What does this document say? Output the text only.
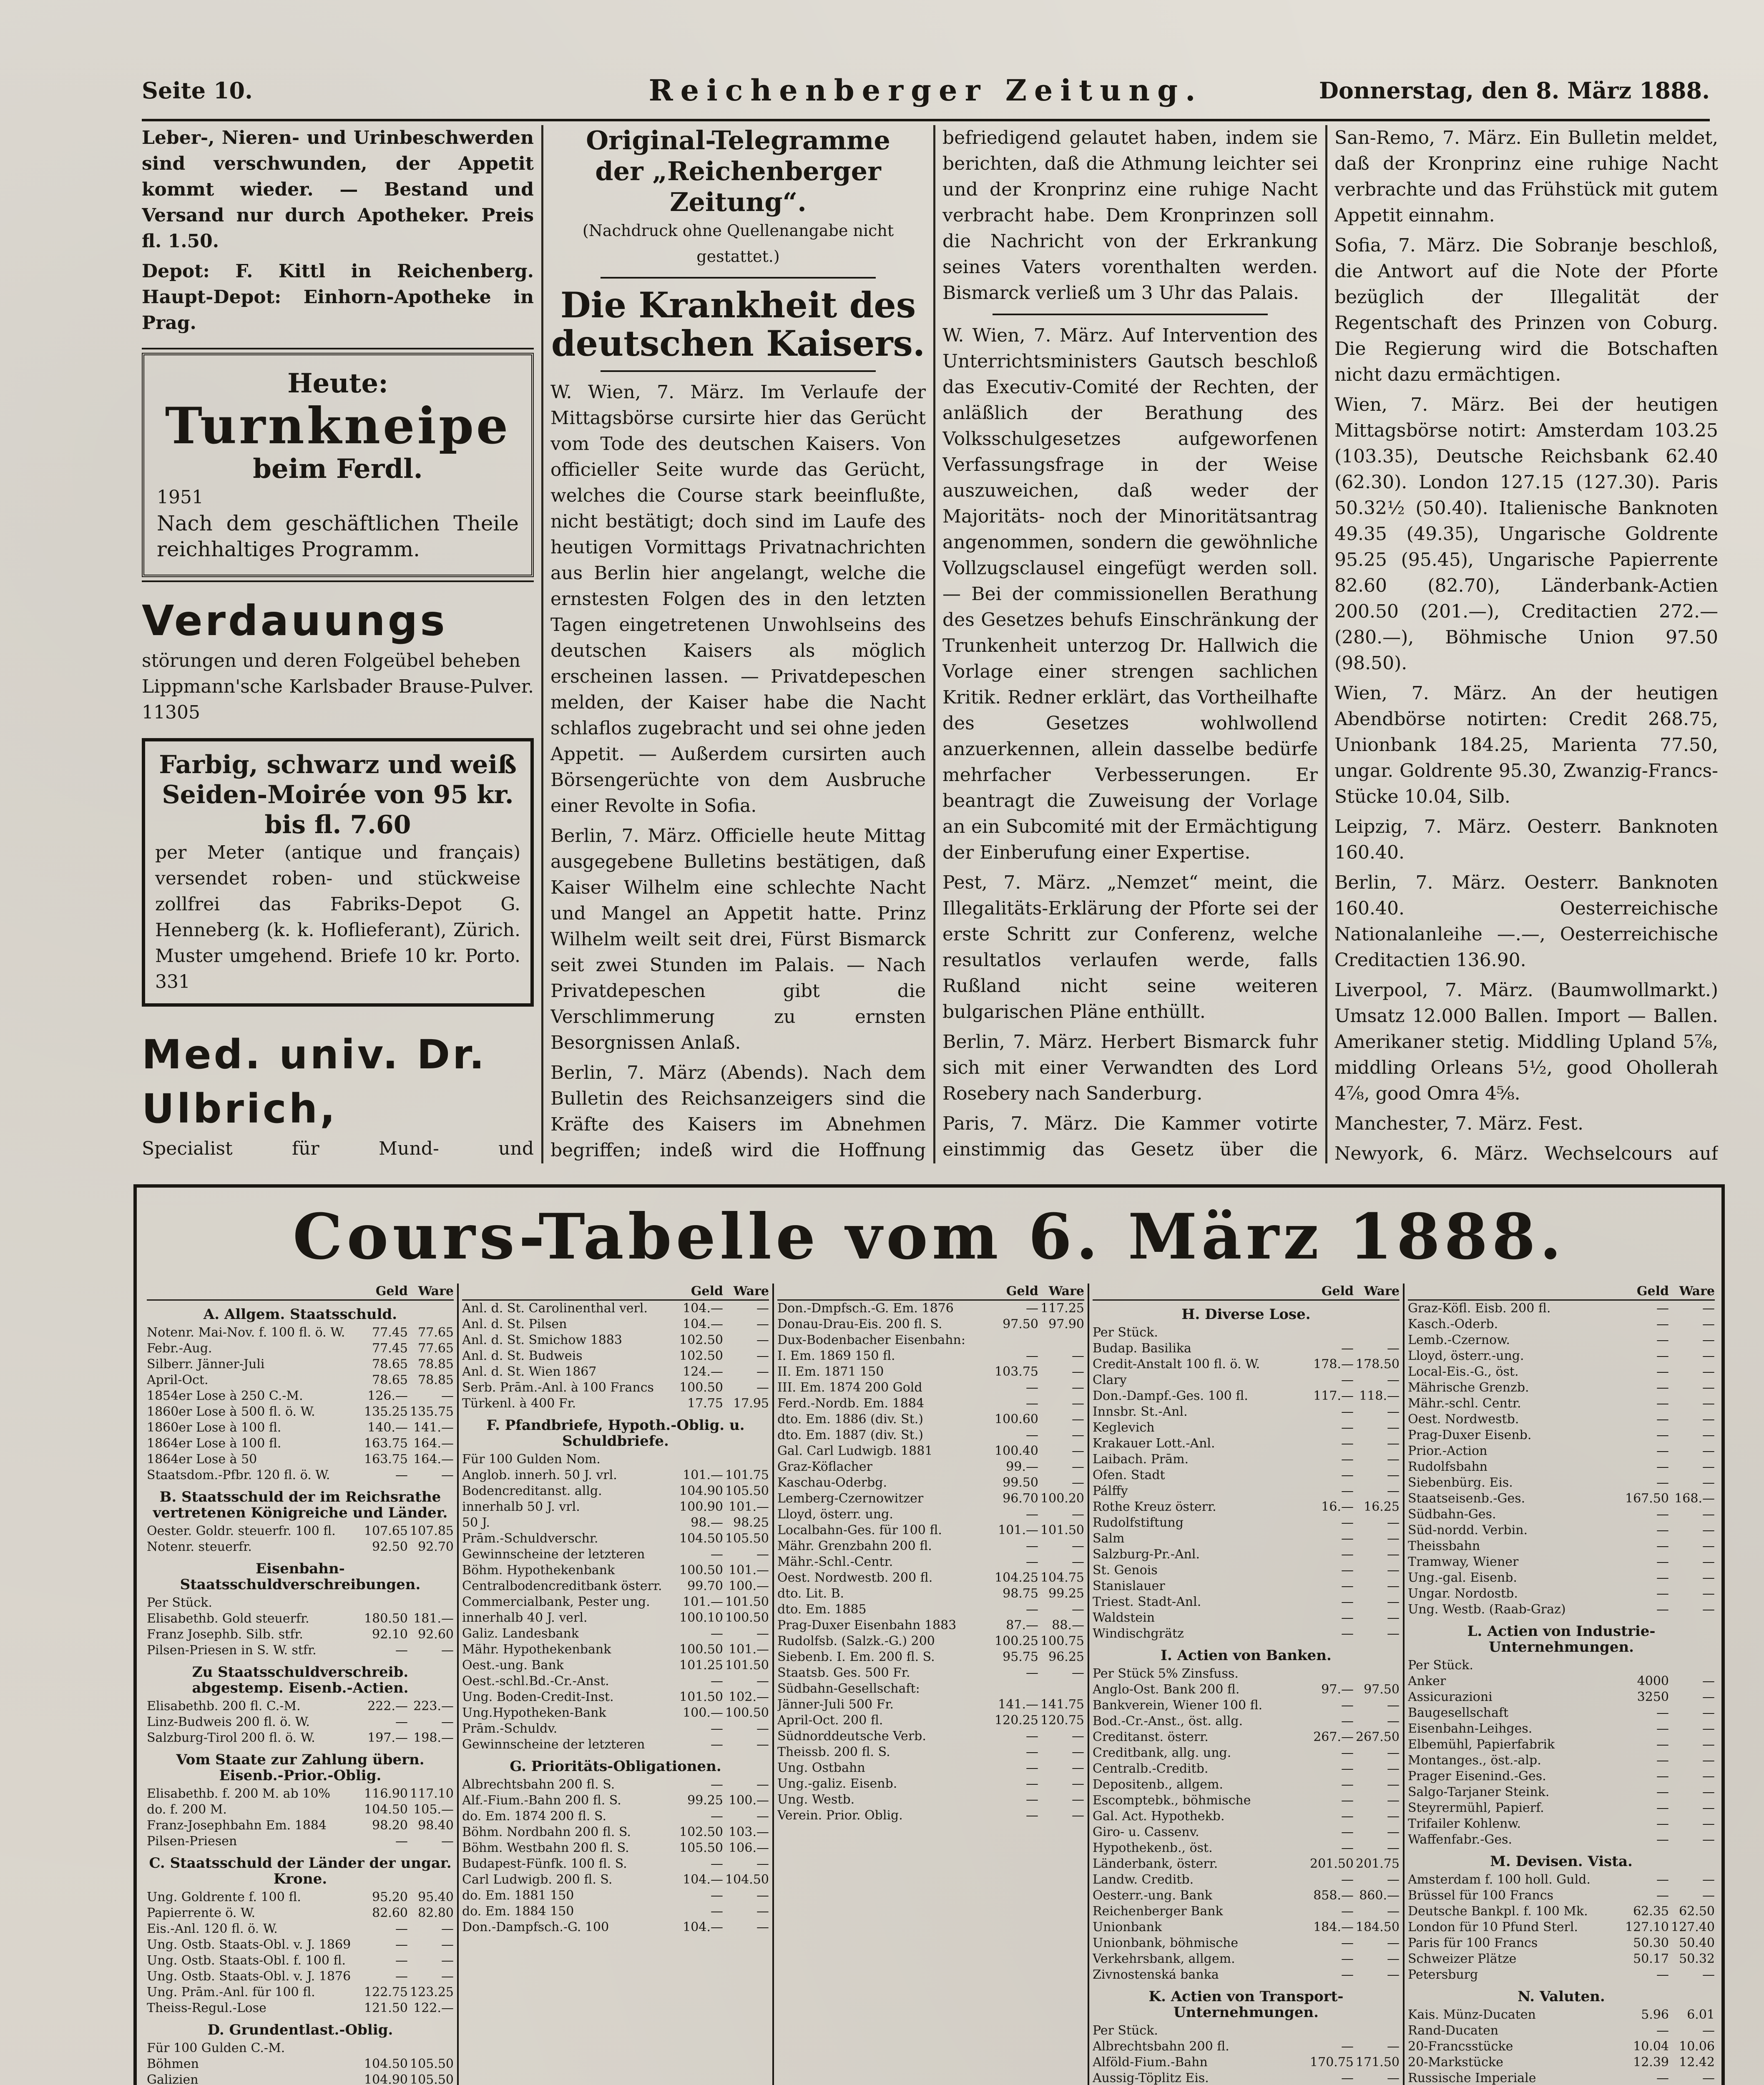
Seite 10.	Reichenberger Zeitung.	Donnerstag, den 8. März 1888.

Leber-, Nieren- und Urinbeschwerden sind verschwunden, der Appetit kommt wieder. — Bestand und Versand nur durch Apotheker. Preis fl. 1.50.

Depot: F. Kittl in Reichenberg. Haupt-Depot: Einhorn-Apotheke in Prag.

Heute:
Turnkneipe
beim Ferdl.
1951
Nach dem geschäftlichen Theile reichhaltiges Programm.
Verdauungs störungen und deren Folgeübel beheben
Lippmann'sche Karlsbader Brause-Pulver. 11305
Farbig, schwarz und weiß Seiden-Moirée von 95 kr. bis fl. 7.60
per Meter (antique und français) versendet roben- und stückweise zollfrei das Fabriks-Depot G. Henneberg (k. k. Hoflieferant), Zürich. Muster umgehend. Briefe 10 kr. Porto. 331
Med. univ. Dr. Ulbrich,
Specialist für Mund- und
Original-Telegramme
der „Reichenberger Zeitung“.
(Nachdruck ohne Quellenangabe nicht gestattet.)
Die Krankheit des deutschen Kaisers.

W. Wien, 7. März. Im Verlaufe der Mittagsbörse cursirte hier das Gerücht vom Tode des deutschen Kaisers. Von officieller Seite wurde das Gerücht, welches die Course stark beeinflußte, nicht bestätigt; doch sind im Laufe des heutigen Vormittags Privatnachrichten aus Berlin hier angelangt, welche die ernstesten Folgen des in den letzten Tagen eingetretenen Unwohlseins des deutschen Kaisers als möglich erscheinen lassen. — Privatdepeschen melden, der Kaiser habe die Nacht schlaflos zugebracht und sei ohne jeden Appetit. — Außerdem cursirten auch Börsengerüchte von dem Ausbruche einer Revolte in Sofia.

Berlin, 7. März. Officielle heute Mittag ausgegebene Bulletins bestätigen, daß Kaiser Wilhelm eine schlechte Nacht und Mangel an Appetit hatte. Prinz Wilhelm weilt seit drei, Fürst Bismarck seit zwei Stunden im Palais. — Nach Privatdepeschen gibt die Verschlimmerung zu ernsten Besorgnissen Anlaß.

Berlin, 7. März (Abends). Nach dem Bulletin des Reichsanzeigers sind die Kräfte des Kaisers im Abnehmen begriffen; indeß wird die Hoffnung

befriedigend gelautet haben, indem sie berichten, daß die Athmung leichter sei und der Kronprinz eine ruhige Nacht verbracht habe. Dem Kronprinzen soll die Nachricht von der Erkrankung seines Vaters vorenthalten werden. Bismarck verließ um 3 Uhr das Palais.

W. Wien, 7. März. Auf Intervention des Unterrichtsministers Gautsch beschloß das Executiv-Comité der Rechten, der anläßlich der Berathung des Volksschulgesetzes aufgeworfenen Verfassungsfrage in der Weise auszuweichen, daß weder der Majoritäts- noch der Minoritätsantrag angenommen, sondern die gewöhnliche Vollzugsclausel eingefügt werden soll. — Bei der commissionellen Berathung des Gesetzes behufs Einschränkung der Trunkenheit unterzog Dr. Hallwich die Vorlage einer strengen sachlichen Kritik. Redner erklärt, das Vortheilhafte des Gesetzes wohlwollend anzuerkennen, allein dasselbe bedürfe mehrfacher Verbesserungen. Er beantragt die Zuweisung der Vorlage an ein Subcomité mit der Ermächtigung der Einberufung einer Expertise.

Pest, 7. März. „Nemzet“ meint, die Illegalitäts-Erklärung der Pforte sei der erste Schritt zur Conferenz, welche resultatlos verlaufen werde, falls Rußland nicht seine weiteren bulgarischen Pläne enthüllt.

Berlin, 7. März. Herbert Bismarck fuhr sich mit einer Verwandten des Lord Rosebery nach Sanderburg.

Paris, 7. März. Die Kammer votirte einstimmig das Gesetz über die

San-Remo, 7. März. Ein Bulletin meldet, daß der Kronprinz eine ruhige Nacht verbrachte und das Frühstück mit gutem Appetit einnahm.

Sofia, 7. März. Die Sobranje beschloß, die Antwort auf die Note der Pforte bezüglich der Illegalität der Regentschaft des Prinzen von Coburg. Die Regierung wird die Botschaften nicht dazu ermächtigen.

Wien, 7. März. Bei der heutigen Mittagsbörse notirt: Amsterdam 103.25 (103.35), Deutsche Reichsbank 62.40 (62.30). London 127.15 (127.30). Paris 50.32½ (50.40). Italienische Banknoten 49.35 (49.35), Ungarische Goldrente 95.25 (95.45), Ungarische Papierrente 82.60 (82.70), Länderbank-Actien 200.50 (201.—), Creditactien 272.— (280.—), Böhmische Union 97.50 (98.50).

Wien, 7. März. An der heutigen Abendbörse notirten: Credit 268.75, Unionbank 184.25, Marienta 77.50, ungar. Goldrente 95.30, Zwanzig-Francs-Stücke 10.04, Silb.

Leipzig, 7. März. Oesterr. Banknoten 160.40.

Berlin, 7. März. Oesterr. Banknoten 160.40. Oesterreichische Nationalanleihe —.—, Oesterreichische Creditactien 136.90.

Liverpool, 7. März. (Baumwollmarkt.) Umsatz 12.000 Ballen. Import — Ballen. Amerikaner stetig. Middling Upland 5⅞, middling Orleans 5½, good Ohollerah 4⅞, good Omra 4⅝.

Manchester, 7. März. Fest.

Newyork, 6. März. Wechselcours auf

Cours-Tabelle vom 6. März 1888.
Geld Ware
A. Allgem. Staatsschuld.
Notenr. Mai-Nov. f. 100 fl. ö. W.	77.45 77.65
Febr.-Aug.	77.45 77.65
Silberr. Jänner-Juli	78.65 78.85
April-Oct.	78.65 78.85
1854er Lose à 250 C.-M.	126.—	—
1860er Lose à 500 fl. ö. W.	135.25 135.75
1860er Lose à 100 fl.	140.— 141.—
1864er Lose à 100 fl.	163.75 164.—
1864er Lose à 50	163.75 164.—
Staatsdom.-Pfbr. 120 fl. ö. W.	—	—
B. Staatsschuld der im Reichsrathe vertretenen Königreiche und Länder.
Oester. Goldr. steuerfr. 100 fl.	107.65 107.85
Notenr. steuerfr.	92.50 92.70
Eisenbahn-Staatsschuldverschreibungen.
Per Stück.
Elisabethb. Gold steuerfr.	180.50 181.—
Franz Josephb. Silb. stfr.	92.10 92.60
Pilsen-Priesen in S. W. stfr.	—	—
Zu Staatsschuldverschreib. abgestemp. Eisenb.-Actien.
Elisabethb. 200 fl. C.-M.	222.— 223.—
Linz-Budweis 200 fl. ö. W.	—	—
Salzburg-Tirol 200 fl. ö. W.	197.— 198.—
Vom Staate zur Zahlung übern. Eisenb.-Prior.-Oblig.
Elisabethb. f. 200 M. ab 10%	116.90 117.10
do. f. 200 M.	104.50 105.—
Franz-Josephbahn Em. 1884	98.20 98.40
Pilsen-Priesen	—	—
C. Staatsschuld der Länder der ungar. Krone.
Ung. Goldrente f. 100 fl.	95.20 95.40
Papierrente ö. W.	82.60 82.80
Eis.-Anl. 120 fl. ö. W.	—	—
Ung. Ostb. Staats-Obl. v. J. 1869	—	—
Ung. Ostb. Staats-Obl. f. 100 fl.	—	—
Ung. Ostb. Staats-Obl. v. J. 1876	—	—
Ung. Prām.-Anl. für 100 fl.	122.75 123.25
Theiss-Regul.-Lose	121.50 122.—
D. Grundentlast.-Oblig.
Für 100 Gulden C.-M.
Böhmen	104.50 105.50
Galizien	104.90 105.50
Geld Ware
Anl. d. St. Carolinenthal verl.	104.—	—
Anl. d. St. Pilsen	104.—	—
Anl. d. St. Smichow 1883	102.50	—
Anl. d. St. Budweis	102.50	—
Anl. d. St. Wien 1867	124.—	—
Serb. Prām.-Anl. à 100 Francs	100.50	—
Türkenl. à 400 Fr.	17.75 17.95
F. Pfandbriefe, Hypoth.-Oblig. u. Schuldbriefe.
Für 100 Gulden Nom.
Anglob. innerh. 50 J. vrl.	101.— 101.75
Bodencreditanst. allg.	104.90 105.50
innerhalb 50 J. vrl.	100.90 101.—
50 J.	98.— 98.25
Prām.-Schuldverschr.	104.50 105.50
Gewinnscheine der letzteren	—	—
Böhm. Hypothekenbank	100.50 101.—
Centralbodencreditbank österr.	99.70 100.—
Commercialbank, Pester ung.	101.— 101.50
innerhalb 40 J. verl.	100.10 100.50
Galiz. Landesbank	—	—
Mähr. Hypothekenbank	100.50 101.—
Oest.-ung. Bank	101.25 101.50
Oest.-schl.Bd.-Cr.-Anst.	—	—
Ung. Boden-Credit-Inst.	101.50 102.—
Ung.Hypotheken-Bank	100.— 100.50
Prām.-Schuldv.	—	—
Gewinnscheine der letzteren	—	—
G. Prioritäts-Obligationen.
Albrechtsbahn 200 fl. S.	—	—
Alf.-Fium.-Bahn 200 fl. S.	99.25 100.—
do. Em. 1874 200 fl. S.	—	—
Böhm. Nordbahn 200 fl. S.	102.50 103.—
Böhm. Westbahn 200 fl. S.	105.50 106.—
Budapest-Fünfk. 100 fl. S.	—	—
Carl Ludwigb. 200 fl. S.	104.— 104.50
do. Em. 1881 150	—	—
do. Em. 1884 150	—	—
Don.-Dampfsch.-G. 100	104.—	—
Geld Ware
Don.-Dmpfsch.-G. Em. 1876	— 117.25
Donau-Drau-Eis. 200 fl. S.	97.50 97.90
Dux-Bodenbacher Eisenbahn:
I. Em. 1869 150 fl.	—	—
II. Em. 1871 150	103.75	—
III. Em. 1874 200 Gold	—	—
Ferd.-Nordb. Em. 1884	—	—
dto. Em. 1886 (div. St.)	100.60	—
dto. Em. 1887 (div. St.)	—	—
Gal. Carl Ludwigb. 1881	100.40	—
Graz-Köflacher	99.—	—
Kaschau-Oderbg.	99.50	—
Lemberg-Czernowitzer	96.70 100.20
Lloyd, österr. ung.	—	—
Localbahn-Ges. für 100 fl.	101.— 101.50
Mähr. Grenzbahn 200 fl.	—	—
Mähr.-Schl.-Centr.	—	—
Oest. Nordwestb. 200 fl.	104.25 104.75
dto. Lit. B.	98.75 99.25
dto. Em. 1885	—	—
Prag-Duxer Eisenbahn 1883	87.—	88.—
Rudolfsb. (Salzk.-G.) 200	100.25 100.75
Siebenb. I. Em. 200 fl. S.	95.75 96.25
Staatsb. Ges. 500 Fr.	—	—
Südbahn-Gesellschaft:
Jänner-Juli 500 Fr.	141.— 141.75
April-Oct. 200 fl.	120.25 120.75
Südnorddeutsche Verb.	—	—
Theissb. 200 fl. S.	—	—
Ung. Ostbahn	—	—
Ung.-galiz. Eisenb.	—	—
Ung. Westb.	—	—
Verein. Prior. Oblig.	—	—
Geld Ware
H. Diverse Lose.
Per Stück.
Budap. Basilika	—	—
Credit-Anstalt 100 fl. ö. W.	178.— 178.50
Clary	—	—
Don.-Dampf.-Ges. 100 fl.	117.— 118.—
Innsbr. St.-Anl.	—	—
Keglevich	—	—
Krakauer Lott.-Anl.	—	—
Laibach. Prām.	—	—
Ofen. Stadt	—	—
Pálffy	—	—
Rothe Kreuz österr.	16.— 16.25
Rudolfstiftung	—	—
Salm	—	—
Salzburg-Pr.-Anl.	—	—
St. Genois	—	—
Stanislauer	—	—
Triest. Stadt-Anl.	—	—
Waldstein	—	—
Windischgrätz	—	—
I. Actien von Banken.
Per Stück 5% Zinsfuss.
Anglo-Ost. Bank 200 fl.	97.— 97.50
Bankverein, Wiener 100 fl.	—	—
Bod.-Cr.-Anst., öst. allg.	—	—
Creditanst. österr.	267.— 267.50
Creditbank, allg. ung.	—	—
Centralb.-Creditb.	—	—
Depositenb., allgem.	—	—
Escomptebk., böhmische	—	—
Gal. Act. Hypothekb.	—	—
Giro- u. Cassenv.	—	—
Hypothekenb., öst.	—	—
Länderbank, österr.	201.50 201.75
Landw. Creditb.	—	—
Oesterr.-ung. Bank	858.— 860.—
Reichenberger Bank	—	—
Unionbank	184.— 184.50
Unionbank, böhmische	—	—
Verkehrsbank, allgem.	—	—
Zivnostenská banka	—	—
K. Actien von Transport-Unternehmungen.
Per Stück.
Albrechtsbahn 200 fl.	—	—
Alföld-Fium.-Bahn	170.75 171.50
Aussig-Töplitz Eis.	—	—
Geld Ware
Graz-Köfl. Eisb. 200 fl.	—	—
Kasch.-Oderb.	—	—
Lemb.-Czernow.	—	—
Lloyd, österr.-ung.	—	—
Local-Eis.-G., öst.	—	—
Mährische Grenzb.	—	—
Mähr.-schl. Centr.	—	—
Oest. Nordwestb.	—	—
Prag-Duxer Eisenb.	—	—
Prior.-Action	—	—
Rudolfsbahn	—	—
Siebenbürg. Eis.	—	—
Staatseisenb.-Ges.	167.50 168.—
Südbahn-Ges.	—	—
Süd-nordd. Verbin.	—	—
Theissbahn	—	—
Tramway, Wiener	—	—
Ung.-gal. Eisenb.	—	—
Ungar. Nordostb.	—	—
Ung. Westb. (Raab-Graz)	—	—
L. Actien von Industrie-Unternehmungen.
Per Stück.
Anker	4000	—
Assicurazioni	3250	—
Baugesellschaft	—	—
Eisenbahn-Leihges.	—	—
Elbemühl, Papierfabrik	—	—
Montanges., öst.-alp.	—	—
Prager Eisenind.-Ges.	—	—
Salgo-Tarjaner Steink.	—	—
Steyrermühl, Papierf.	—	—
Trifailer Kohlenw.	—	—
Waffenfabr.-Ges.	—	—
M. Devisen. Vista.
Amsterdam f. 100 holl. Guld.	—	—
Brüssel für 100 Francs	—	—
Deutsche Bankpl. f. 100 Mk.	62.35 62.50
London für 10 Pfund Sterl.	127.10 127.40
Paris für 100 Francs	50.30 50.40
Schweizer Plätze	50.17 50.32
Petersburg	—	—
N. Valuten.
Kais. Münz-Ducaten	5.96	6.01
Rand-Ducaten	—	—
20-Francsstücke	10.04 10.06
20-Markstücke	12.39 12.42
Russische Imperiale	—	—
